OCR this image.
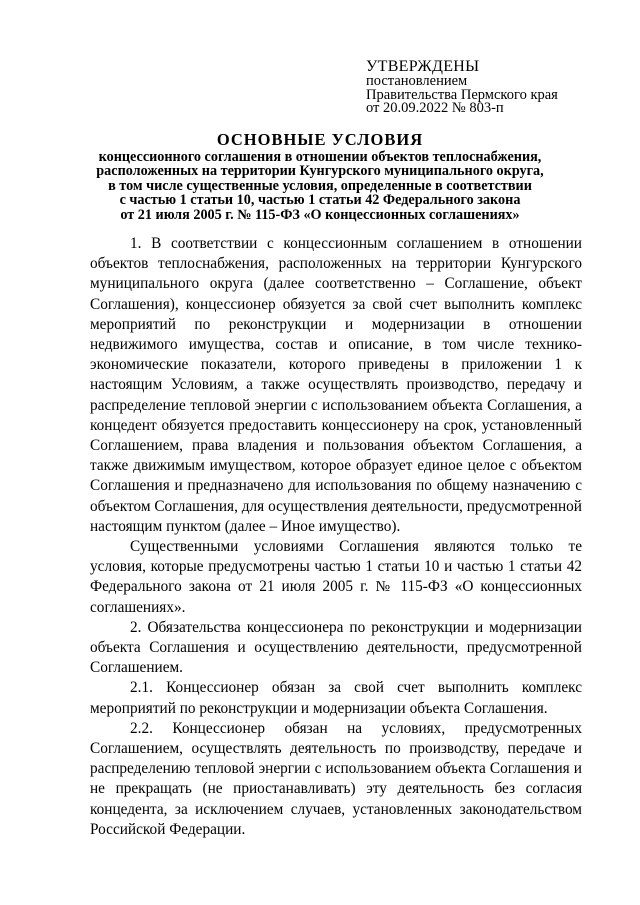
УТВЕРЖДЕНЫ
постановлением
Правительства Пермского края
от 20.09.2022 № 803-п
ОСНОВНЫЕ УСЛОВИЯ
концессионного соглашения в отношении объектов теплоснабжения,
расположенных на территории Кунгурского муниципального округа,
в том числе существенные условия, определенные в соответствии
с частью 1 статьи 10, частью 1 статьи 42 Федерального закона
от 21 июля 2005 г. № 115-ФЗ «О концессионных соглашениях»

1. В соответствии с концессионным соглашением в отношении объектов теплоснабжения, расположенных на территории Кунгурского муниципального округа (далее соответственно – Соглашение, объект Соглашения), концессионер обязуется за свой счет выполнить комплекс мероприятий по реконструкции и модернизации в отношении недвижимого имущества, состав и описание, в том числе технико-экономические показатели, которого приведены в приложении 1 к настоящим Условиям, а также осуществлять производство, передачу и распределение тепловой энергии с использованием объекта Соглашения, а концедент обязуется предоставить концессионеру на срок, установленный Соглашением, права владения и пользования объектом Соглашения, а также движимым имуществом, которое образует единое целое с объектом Соглашения и предназначено для использования по общему назначению с объектом Соглашения, для осуществления деятельности, предусмотренной настоящим пунктом (далее – Иное имущество).

Существенными условиями Соглашения являются только те условия, которые предусмотрены частью 1 статьи 10 и частью 1 статьи 42 Федерального закона от 21 июля 2005 г. № 115-ФЗ «О концессионных соглашениях».

2. Обязательства концессионера по реконструкции и модернизации объекта Соглашения и осуществлению деятельности, предусмотренной Соглашением.

2.1. Концессионер обязан за свой счет выполнить комплекс мероприятий по реконструкции и модернизации объекта Соглашения.

2.2. Концессионер обязан на условиях, предусмотренных Соглашением, осуществлять деятельность по производству, передаче и распределению тепловой энергии с использованием объекта Соглашения и не прекращать (не приостанавливать) эту деятельность без согласия концедента, за исключением случаев, установленных законодательством Российской Федерации.
